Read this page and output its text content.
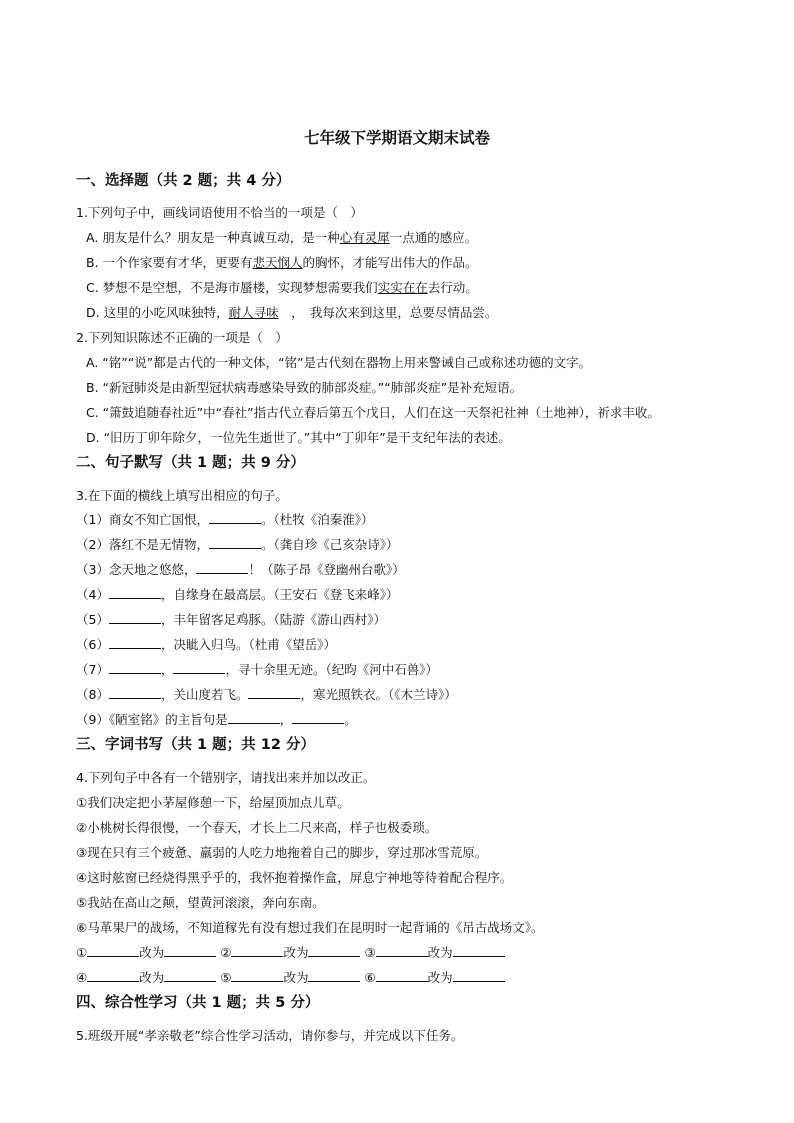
七年级下学期语文期末试卷
一、选择题（共 2 题；共 4 分）
1.下列句子中，画线词语使用不恰当的一项是（　）
A. 朋友是什么？朋友是一种真诚互动，是一种心有灵犀一点通的感应。
B. 一个作家要有才华，更要有悲天悯人的胸怀，才能写出伟大的作品。
C. 梦想不是空想，不是海市蜃楼，实现梦想需要我们实实在在去行动。
D. 这里的小吃风味独特，耐人寻味　，　我每次来到这里，总要尽情品尝。
2.下列知识陈述不正确的一项是（　）
A. “铭”“说”都是古代的一种文体，“铭”是古代刻在器物上用来警诫自己或称述功德的文字。
B. “新冠肺炎是由新型冠状病毒感染导致的肺部炎症。”“肺部炎症”是补充短语。
C. “箫鼓追随春社近”中“春社”指古代立春后第五个戊日，人们在这一天祭祀社神（土地神），祈求丰收。
D. “旧历丁卯年除夕，一位先生逝世了。”其中“丁卯年”是干支纪年法的表述。
二、句子默写（共 1 题；共 9 分）
3.在下面的横线上填写出相应的句子。
（1）商女不知亡国恨，	。（杜牧《泊秦淮》）
（2）落红不是无情物，	。（龚自珍《己亥杂诗》）
（3）念天地之悠悠，	！（陈子昂《登幽州台歌》）
（4）	，自缘身在最高层。（王安石《登飞来峰》）
（5）	，丰年留客足鸡豚。（陆游《游山西村》）
（6）	，决眦入归鸟。（杜甫《望岳》）
（7）	，	，寻十余里无迹。（纪昀《河中石兽》）
（8）	，关山度若飞。	，寒光照铁衣。（《木兰诗》）
（9）《陋室铭》的主旨句是	，	。
三、字词书写（共 1 题；共 12 分）
4.下列句子中各有一个错别字，请找出来并加以改正。
①我们决定把小茅屋修憩一下，给屋顶加点儿草。
②小桃树长得很慢，一个春天，才长上二尺来高，样子也极委琐。
③现在只有三个疲惫、羸弱的人吃力地拖着自己的脚步，穿过那冰雪荒原。
④这时舷窗已经烧得黑乎乎的，我怀抱着操作盒，屏息宁神地等待着配合程序。
⑤我站在高山之颠，望黄河滚滚，奔向东南。
⑥马革果尸的战场，不知道稼先有没有想过我们在昆明时一起背诵的《吊古战场文》。
①	改为	②	改为	③	改为
④	改为	⑤	改为	⑥	改为
四、综合性学习（共 1 题；共 5 分）
5.班级开展“孝亲敬老”综合性学习活动，请你参与，并完成以下任务。
